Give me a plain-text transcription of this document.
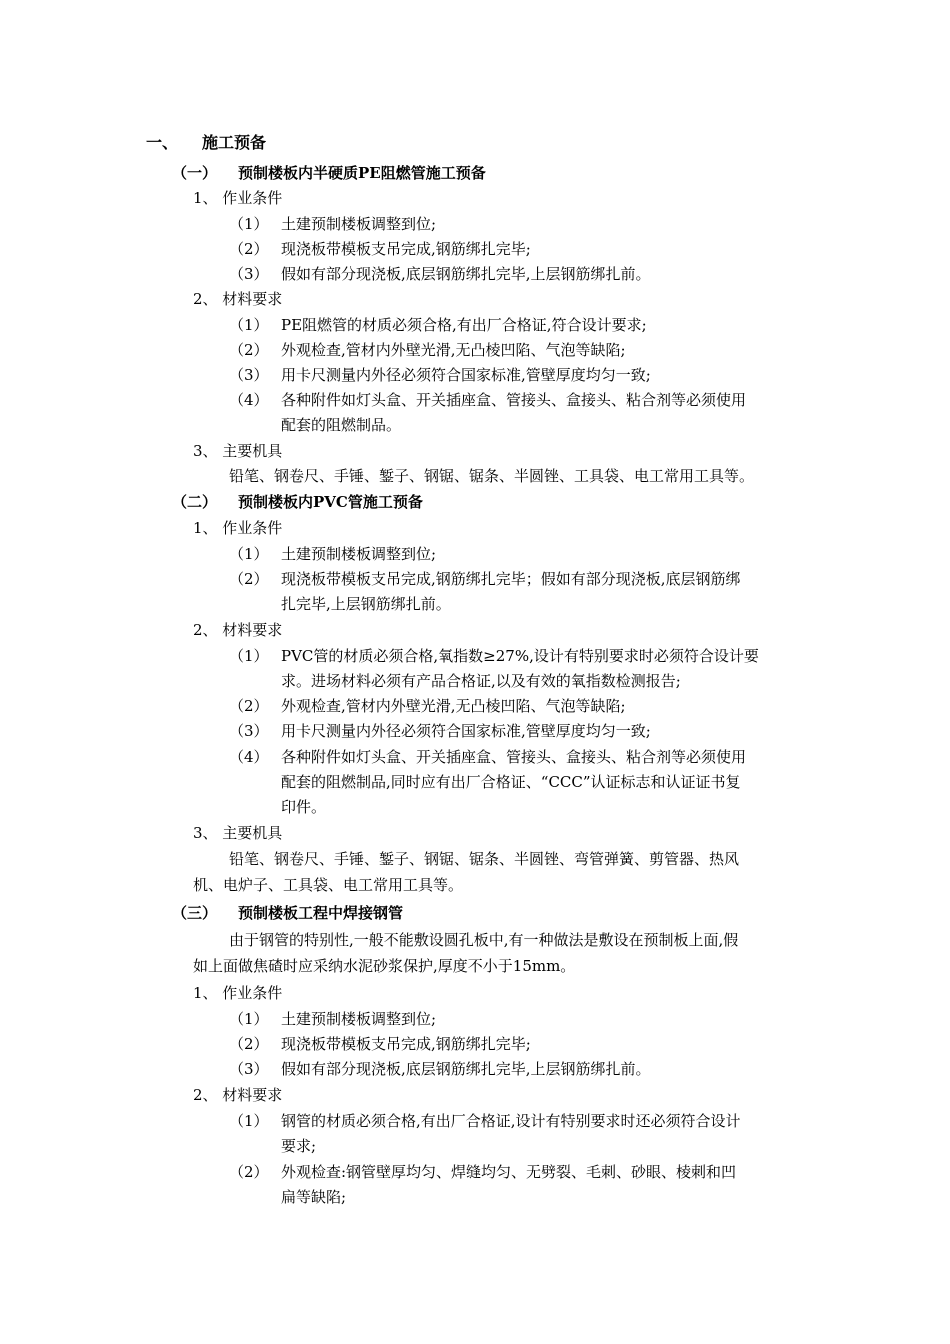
一、 施工预备
（一） 预制楼板内半硬质PE阻燃管施工预备
1、 作业条件
（1） 土建预制楼板调整到位;
（2） 现浇板带模板支吊完成,钢筋绑扎完毕;
（3） 假如有部分现浇板,底层钢筋绑扎完毕,上层钢筋绑扎前。
2、 材料要求
（1） PE阻燃管的材质必须合格,有出厂合格证,符合设计要求;
（2） 外观检查,管材内外壁光滑,无凸棱凹陷、气泡等缺陷;
（3） 用卡尺测量内外径必须符合国家标准,管壁厚度均匀一致;
（4） 各种附件如灯头盒、开关插座盒、管接头、盒接头、粘合剂等必须使用
配套的阻燃制品。
3、 主要机具
铅笔、钢卷尺、手锤、錾子、钢锯、锯条、半圆锉、工具袋、电工常用工具等。
（二） 预制楼板内PVC管施工预备
1、 作业条件
（1） 土建预制楼板调整到位;
（2） 现浇板带模板支吊完成,钢筋绑扎完毕；假如有部分现浇板,底层钢筋绑
扎完毕,上层钢筋绑扎前。
2、 材料要求
（1） PVC管的材质必须合格,氧指数≥27%,设计有特别要求时必须符合设计要
求。进场材料必须有产品合格证,以及有效的氧指数检测报告;
（2） 外观检查,管材内外壁光滑,无凸棱凹陷、气泡等缺陷;
（3） 用卡尺测量内外径必须符合国家标准,管壁厚度均匀一致;
（4） 各种附件如灯头盒、开关插座盒、管接头、盒接头、粘合剂等必须使用
配套的阻燃制品,同时应有出厂合格证、“CCC”认证标志和认证证书复
印件。
3、 主要机具
铅笔、钢卷尺、手锤、錾子、钢锯、锯条、半圆锉、弯管弹簧、剪管器、热风
机、电炉子、工具袋、电工常用工具等。
（三） 预制楼板工程中焊接钢管
由于钢管的特别性,一般不能敷设圆孔板中,有一种做法是敷设在预制板上面,假
如上面做焦碴时应采纳水泥砂浆保护,厚度不小于15mm。
1、 作业条件
（1） 土建预制楼板调整到位;
（2） 现浇板带模板支吊完成,钢筋绑扎完毕;
（3） 假如有部分现浇板,底层钢筋绑扎完毕,上层钢筋绑扎前。
2、 材料要求
（1） 钢管的材质必须合格,有出厂合格证,设计有特别要求时还必须符合设计
要求;
（2） 外观检查:钢管壁厚均匀、焊缝均匀、无劈裂、毛刺、砂眼、棱刺和凹
扁等缺陷;
